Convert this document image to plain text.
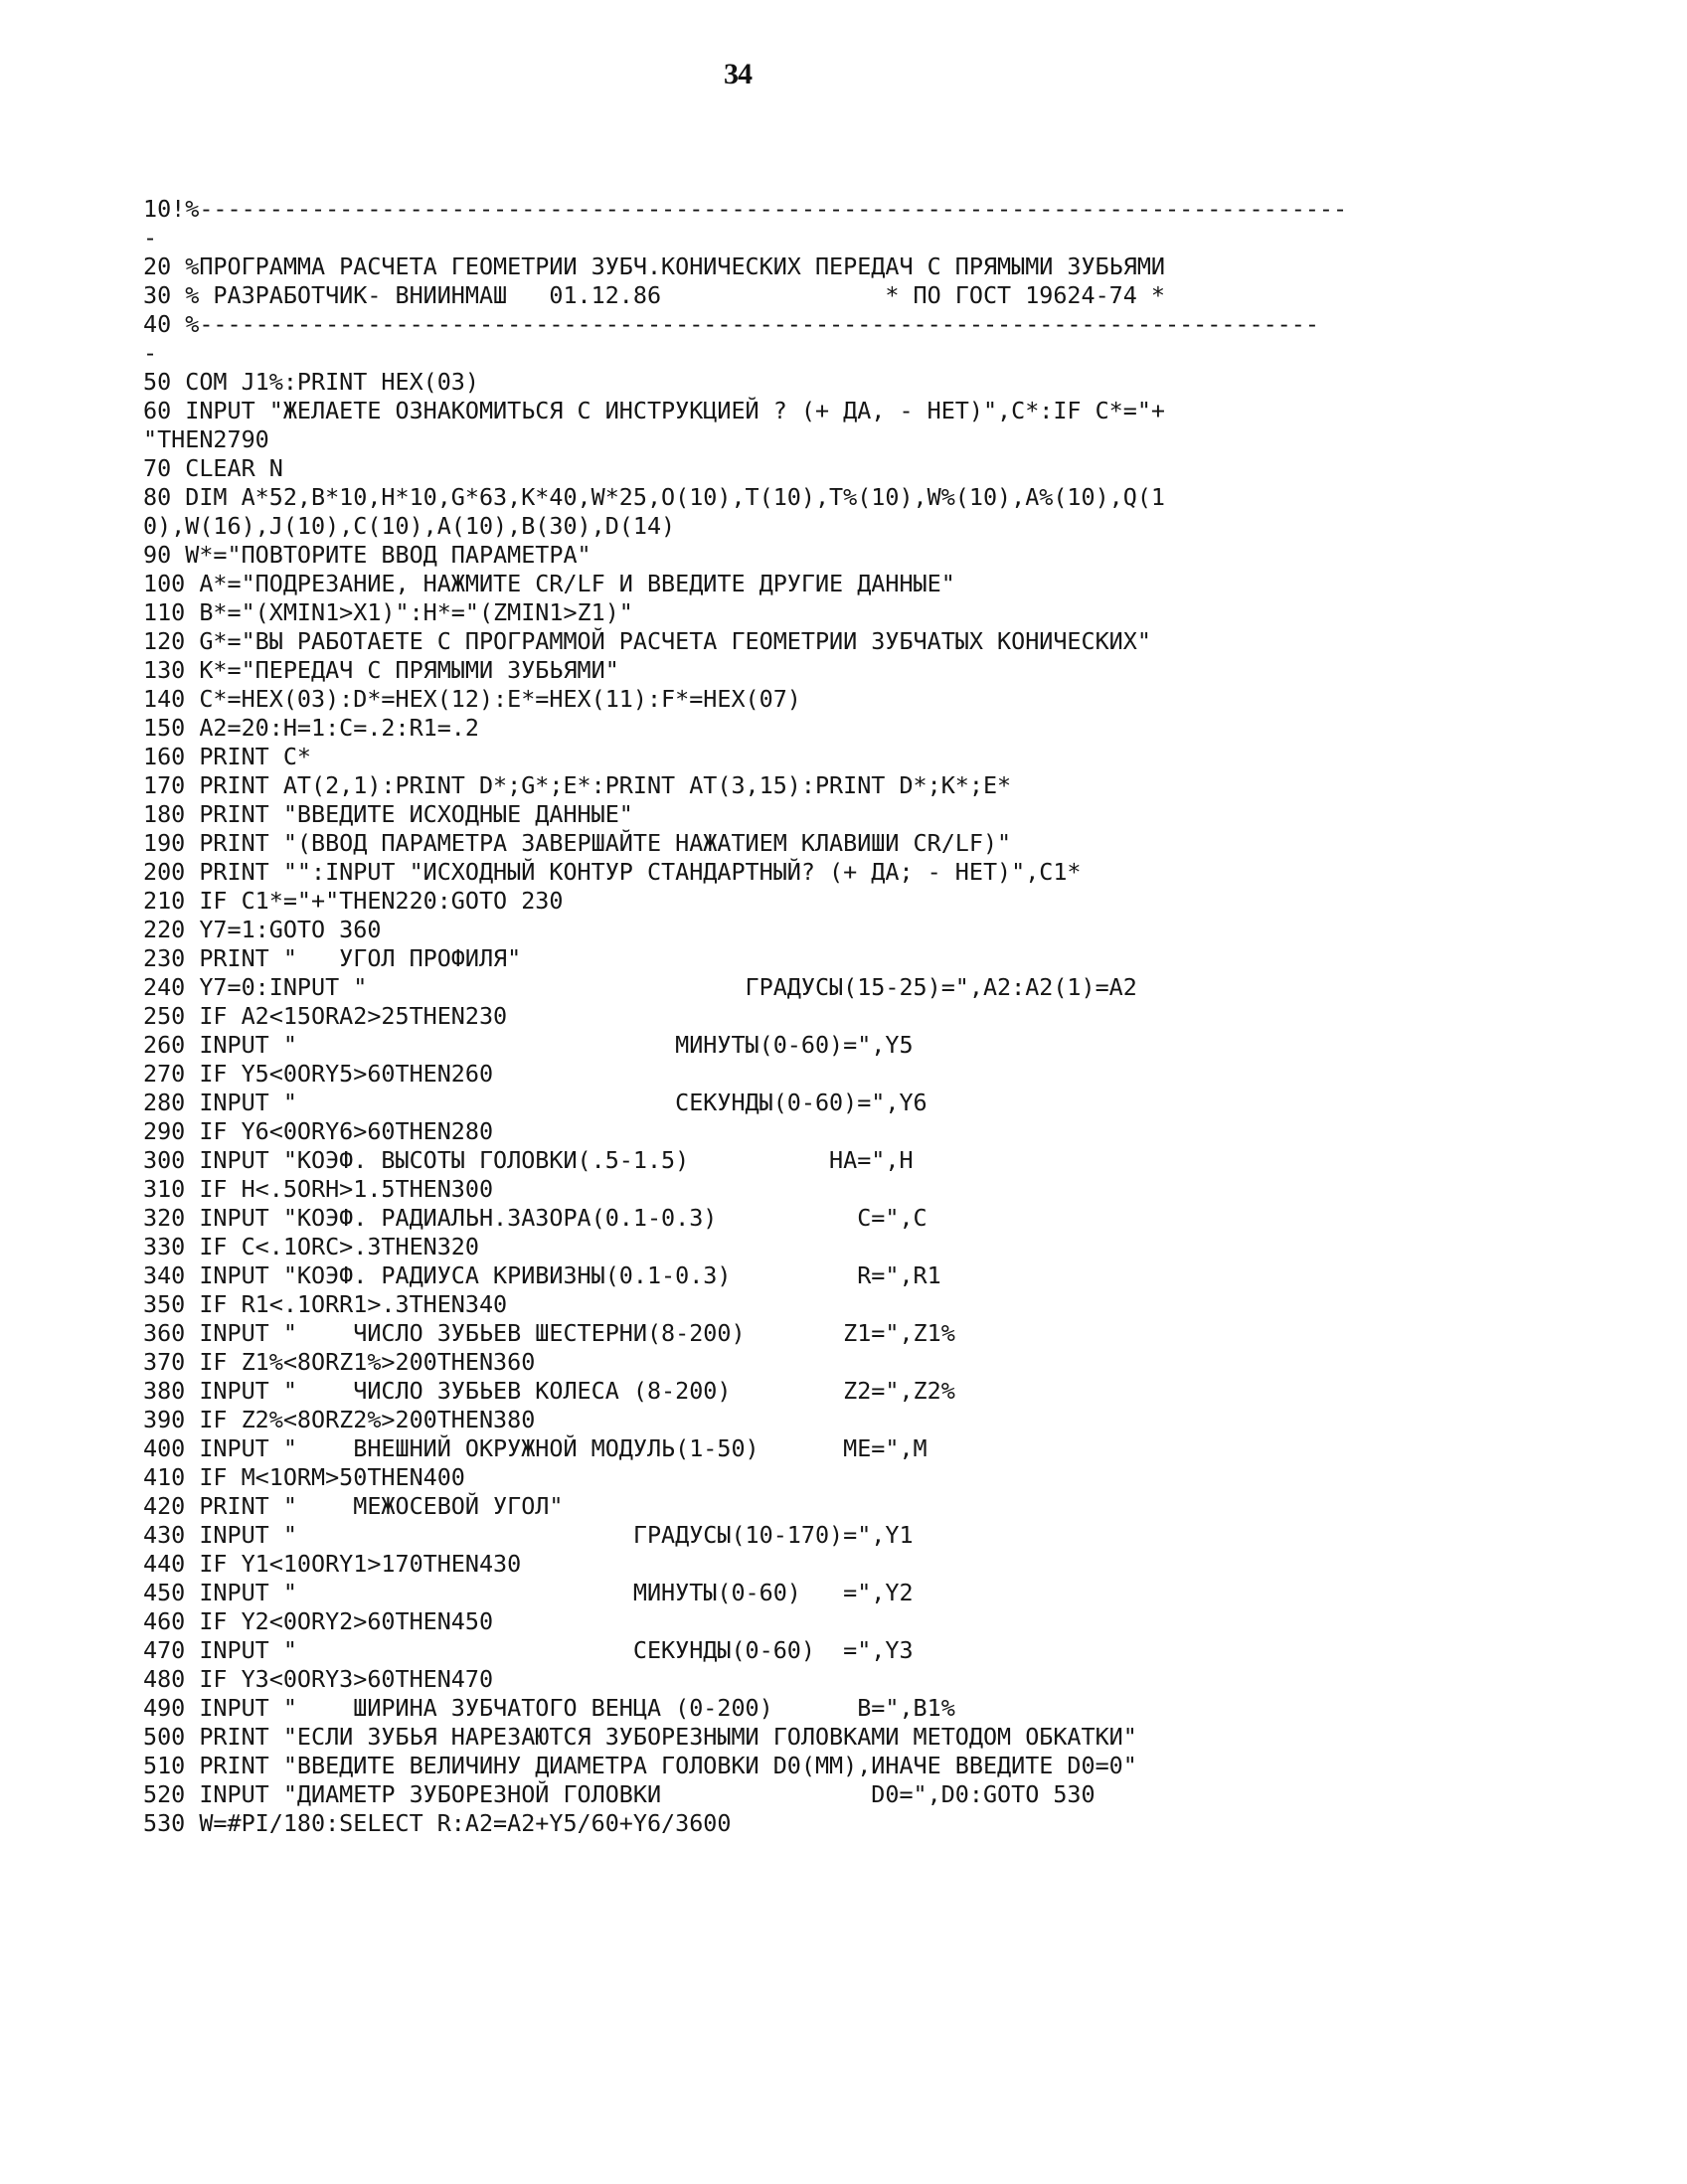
34
10!%----------------------------------------------------------------------------------
-
20 %ПРОГРАММА РАСЧЕТА ГЕОМЕТРИИ ЗУБЧ.КОНИЧЕСКИХ ПЕРЕДАЧ С ПРЯМЫМИ ЗУБЬЯМИ
30 % РАЗРАБОТЧИК- ВНИИНМАШ   01.12.86                * ПО ГОСТ 19624-74 *
40 %--------------------------------------------------------------------------------
-
50 COM J1%:PRINT HEX(03)
60 INPUT "ЖЕЛАЕТЕ ОЗНАКОМИТЬСЯ С ИНСТРУКЦИЕЙ ? (+ ДА, - НЕТ)",C*:IF C*="+
"THEN2790
70 CLEAR N
80 DIM A*52,B*10,H*10,G*63,K*40,W*25,O(10),T(10),T%(10),W%(10),A%(10),Q(1
0),W(16),J(10),C(10),A(10),B(30),D(14)
90 W*="ПОВТОРИТЕ ВВОД ПАРАМЕТРА"
100 A*="ПОДРЕЗАНИЕ, НАЖМИТЕ CR/LF И ВВЕДИТЕ ДРУГИЕ ДАННЫЕ"
110 B*="(XMIN1>X1)":H*="(ZMIN1>Z1)"
120 G*="ВЫ РАБОТАЕТЕ С ПРОГРАММОЙ РАСЧЕТА ГЕОМЕТРИИ ЗУБЧАТЫХ КОНИЧЕСКИХ"
130 K*="ПЕРЕДАЧ С ПРЯМЫМИ ЗУБЬЯМИ"
140 C*=HEX(03):D*=HEX(12):E*=HEX(11):F*=HEX(07)
150 A2=20:H=1:C=.2:R1=.2
160 PRINT C*
170 PRINT AT(2,1):PRINT D*;G*;E*:PRINT AT(3,15):PRINT D*;K*;E*
180 PRINT "ВВЕДИТЕ ИСХОДНЫЕ ДАННЫЕ"
190 PRINT "(ВВОД ПАРАМЕТРА ЗАВЕРШАЙТЕ НАЖАТИЕМ КЛАВИШИ CR/LF)"
200 PRINT "":INPUT "ИСХОДНЫЙ КОНТУР СТАНДАРТНЫЙ? (+ ДА; - НЕТ)",C1*
210 IF C1*="+"THEN220:GOTO 230
220 Y7=1:GOTO 360
230 PRINT "   УГОЛ ПРОФИЛЯ"
240 Y7=0:INPUT "                           ГРАДУСЫ(15-25)=",A2:A2(1)=A2
250 IF A2<15ORA2>25THEN230
260 INPUT "                           МИНУТЫ(0-60)=",Y5
270 IF Y5<0ORY5>60THEN260
280 INPUT "                           СЕКУНДЫ(0-60)=",Y6
290 IF Y6<0ORY6>60THEN280
300 INPUT "КОЭФ. ВЫСОТЫ ГОЛОВКИ(.5-1.5)          HA=",H
310 IF H<.5ORH>1.5THEN300
320 INPUT "КОЭФ. РАДИАЛЬН.ЗАЗОРА(0.1-0.3)          C=",C
330 IF C<.1ORC>.3THEN320
340 INPUT "КОЭФ. РАДИУСА КРИВИЗНЫ(0.1-0.3)         R=",R1
350 IF R1<.1ORR1>.3THEN340
360 INPUT "    ЧИСЛО ЗУБЬЕВ ШЕСТЕРНИ(8-200)       Z1=",Z1%
370 IF Z1%<8ORZ1%>200THEN360
380 INPUT "    ЧИСЛО ЗУБЬЕВ КОЛЕСА (8-200)        Z2=",Z2%
390 IF Z2%<8ORZ2%>200THEN380
400 INPUT "    ВНЕШНИЙ ОКРУЖНОЙ МОДУЛЬ(1-50)      ME=",M
410 IF M<1ORM>50THEN400
420 PRINT "    МЕЖОСЕВОЙ УГОЛ"
430 INPUT "                        ГРАДУСЫ(10-170)=",Y1
440 IF Y1<10ORY1>170THEN430
450 INPUT "                        МИНУТЫ(0-60)   =",Y2
460 IF Y2<0ORY2>60THEN450
470 INPUT "                        СЕКУНДЫ(0-60)  =",Y3
480 IF Y3<0ORY3>60THEN470
490 INPUT "    ШИРИНА ЗУБЧАТОГО ВЕНЦА (0-200)      B=",B1%
500 PRINT "ЕСЛИ ЗУБЬЯ НАРЕЗАЮТСЯ ЗУБОРЕЗНЫМИ ГОЛОВКАМИ МЕТОДОМ ОБКАТКИ"
510 PRINT "ВВЕДИТЕ ВЕЛИЧИНУ ДИАМЕТРА ГОЛОВКИ D0(ММ),ИНАЧЕ ВВЕДИТЕ D0=0"
520 INPUT "ДИАМЕТР ЗУБОРЕЗНОЙ ГОЛОВКИ               D0=",D0:GOTO 530
530 W=#PI/180:SELECT R:A2=A2+Y5/60+Y6/3600
